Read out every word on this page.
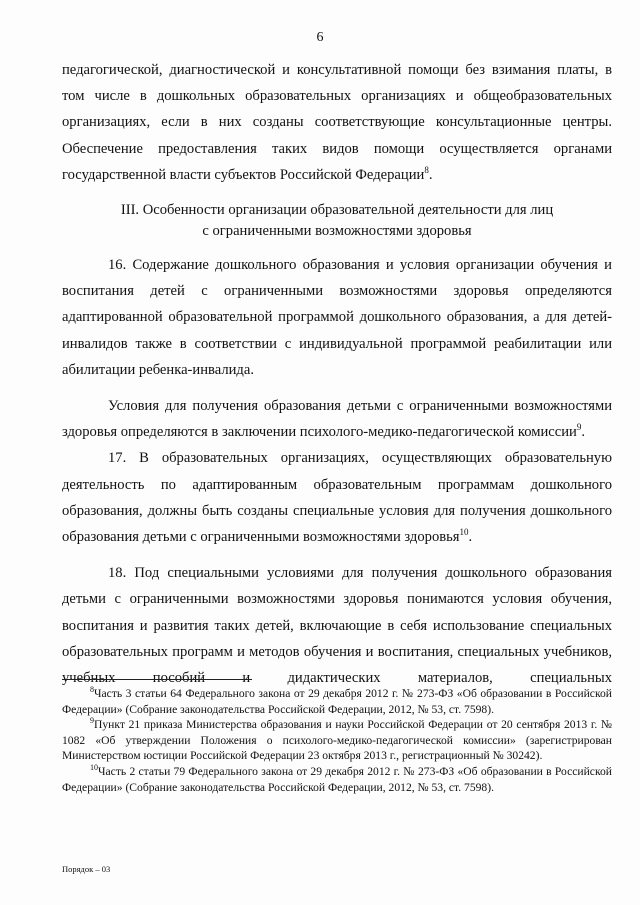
6

педагогической, диагностической и консультативной помощи без взимания платы, в том числе в дошкольных образовательных организациях и общеобразовательных организациях, если в них созданы соответствующие консультационные центры. Обеспечение предоставления таких видов помощи осуществляется органами государственной власти субъектов Российской Федерации$^8$.

III. Особенности организации образовательной деятельности для лиц
с ограниченными возможностями здоровья

16. Содержание дошкольного образования и условия организации обучения и воспитания детей с ограниченными возможностями здоровья определяются адаптированной образовательной программой дошкольного образования, а для детей-инвалидов также в соответствии с индивидуальной программой реабилитации или абилитации ребенка-инвалида.

Условия для получения образования детьми с ограниченными возможностями здоровья определяются в заключении психолого-медико-педагогической комиссии$^9$.

17. В образовательных организациях, осуществляющих образовательную деятельность по адаптированным образовательным программам дошкольного образования, должны быть созданы специальные условия для получения дошкольного образования детьми с ограниченными возможностями здоровья$^{10}$.

18. Под специальными условиями для получения дошкольного образования детьми с ограниченными возможностями здоровья понимаются условия обучения, воспитания и развития таких детей, включающие в себя использование специальных образовательных программ и методов обучения и воспитания, специальных учебников, учебных пособий и дидактических материалов, специальных

$^8$Часть 3 статьи 64 Федерального закона от 29 декабря 2012 г. № 273-ФЗ «Об образовании в Российской Федерации» (Собрание законодательства Российской Федерации, 2012, № 53, ст. 7598).

$^9$Пункт 21 приказа Министерства образования и науки Российской Федерации от 20 сентября 2013 г. № 1082 «Об утверждении Положения о психолого-медико-педагогической комиссии» (зарегистрирован Министерством юстиции Российской Федерации 23 октября 2013 г., регистрационный № 30242).

$^{10}$Часть 2 статьи 79 Федерального закона от 29 декабря 2012 г. № 273-ФЗ «Об образовании в Российской Федерации» (Собрание законодательства Российской Федерации, 2012, № 53, ст. 7598).

Порядок – 03
